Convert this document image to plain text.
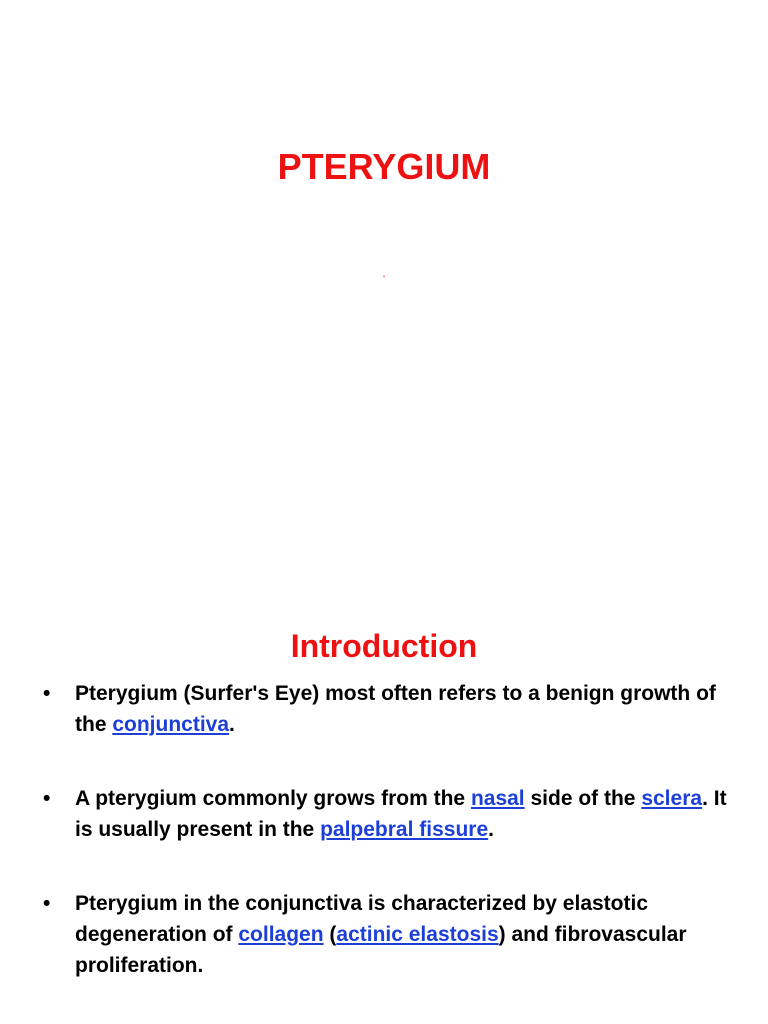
PTERYGIUM

.

Introduction
• Pterygium (Surfer's Eye) most often refers to a benign growth of the conjunctiva.
• A pterygium commonly grows from the nasal side of the sclera. It is usually present in the palpebral fissure.
• Pterygium in the conjunctiva is characterized by elastotic degeneration of collagen (actinic elastosis) and fibrovascular proliferation.
